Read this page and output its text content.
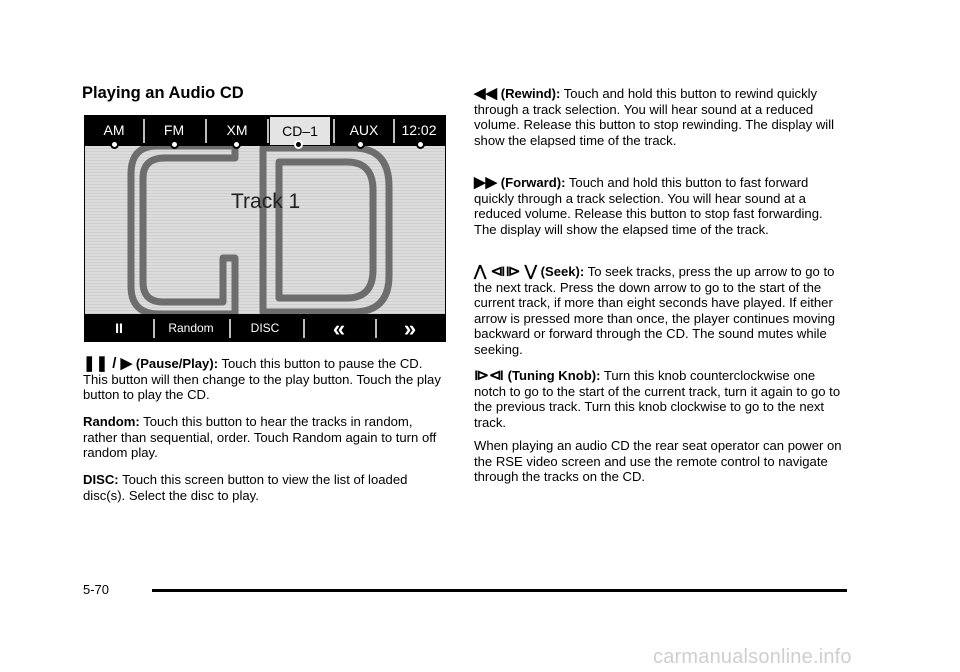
Playing an Audio CD
AM	FM	XM	CD–1	AUX	12:02
Track 1
II	Random	DISC	«	»

❚❚ / ▶ (Pause/Play): Touch this button to pause the CD. This button will then change to the play button. Touch the play button to play the CD.

Random: Touch this button to hear the tracks in random, rather than sequential, order. Touch Random again to turn off random play.

DISC: Touch this screen button to view the list of loaded disc(s). Select the disc to play.

◀◀ (Rewind): Touch and hold this button to rewind quickly through a track selection. You will hear sound at a reduced volume. Release this button to stop rewinding. The display will show the elapsed time of the track.

▶▶ (Forward): Touch and hold this button to fast forward quickly through a track selection. You will hear sound at a reduced volume. Release this button to stop fast forwarding. The display will show the elapsed time of the track.

⋀ ⧏⧐ ⋁ (Seek): To seek tracks, press the up arrow to go to the next track. Press the down arrow to go to the start of the current track, if more than eight seconds have played. If either arrow is pressed more than once, the player continues moving backward or forward through the CD. The sound mutes while seeking.

⧐⧏ (Tuning Knob): Turn this knob counterclockwise one notch to go to the start of the current track, turn it again to go to the previous track. Turn this knob clockwise to go to the next track.

When playing an audio CD the rear seat operator can power on the RSE video screen and use the remote control to navigate through the tracks on the CD.

5-70
carmanualsonline.info
